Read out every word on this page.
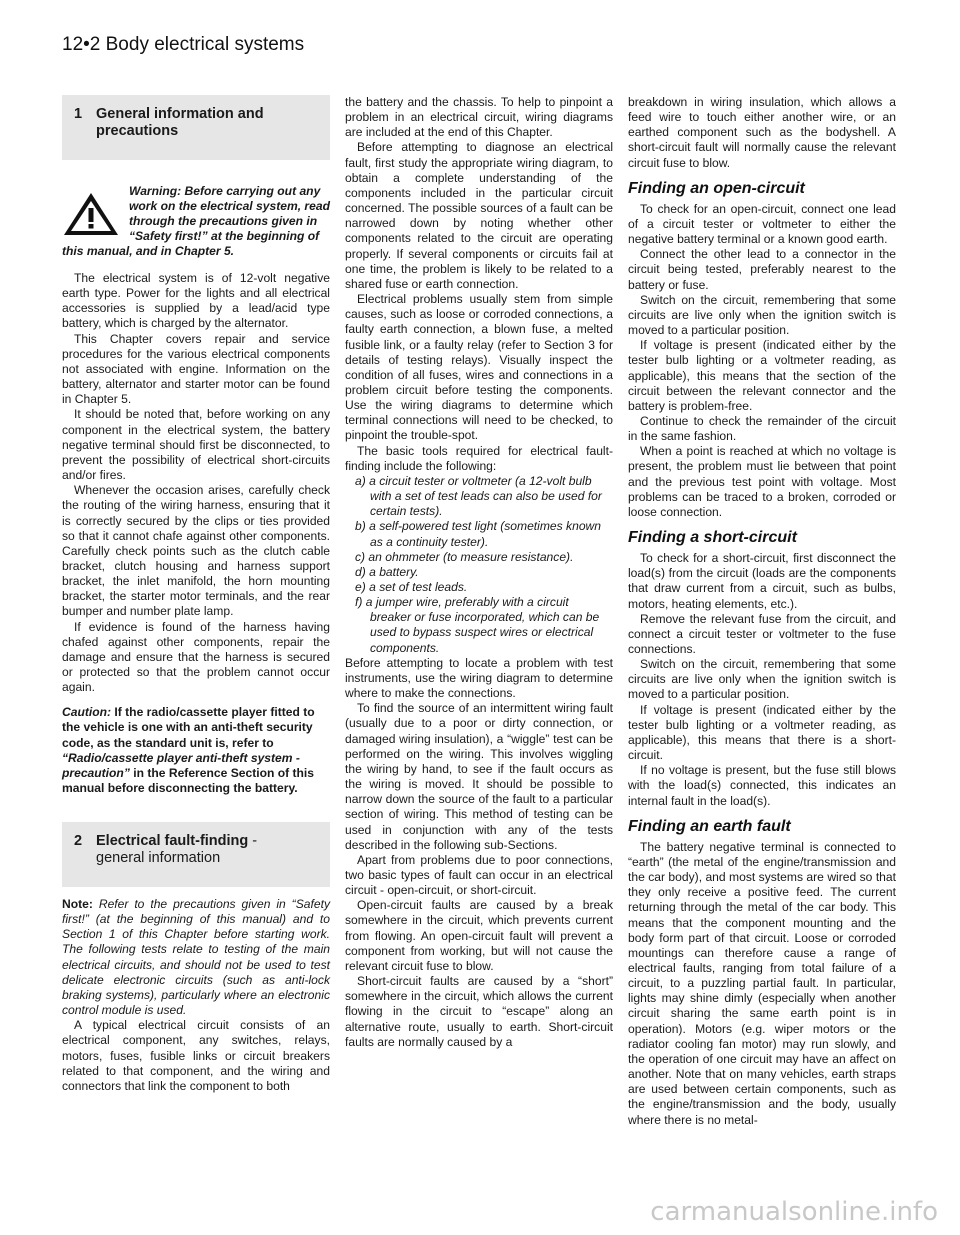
12•2 Body electrical systems
1 General information and precautions
Warning: Before carrying out any work on the electrical system, read through the precautions given in “Safety first!” at the beginning of this manual, and in Chapter 5.

The electrical system is of 12-volt negative earth type. Power for the lights and all electrical accessories is supplied by a lead/acid type battery, which is charged by the alternator.

This Chapter covers repair and service procedures for the various electrical components not associated with engine. Information on the battery, alternator and starter motor can be found in Chapter 5.

It should be noted that, before working on any component in the electrical system, the battery negative terminal should first be disconnected, to prevent the possibility of electrical short-circuits and/or fires.

Whenever the occasion arises, carefully check the routing of the wiring harness, ensuring that it is correctly secured by the clips or ties provided so that it cannot chafe against other components. Carefully check points such as the clutch cable bracket, clutch housing and harness support bracket, the inlet manifold, the horn mounting bracket, the starter motor terminals, and the rear bumper and number plate lamp.

If evidence is found of the harness having chafed against other components, repair the damage and ensure that the harness is secured or protected so that the problem cannot occur again.

Caution: If the radio/cassette player fitted to the vehicle is one with an anti-theft security code, as the standard unit is, refer to “Radio/cassette player anti-theft system - precaution” in the Reference Section of this manual before disconnecting the battery.
2 Electrical fault-finding -
general information

Note: Refer to the precautions given in “Safety first!” (at the beginning of this manual) and to Section 1 of this Chapter before starting work. The following tests relate to testing of the main electrical circuits, and should not be used to test delicate electronic circuits (such as anti-lock braking systems), particularly where an electronic control module is used.

A typical electrical circuit consists of an electrical component, any switches, relays, motors, fuses, fusible links or circuit breakers related to that component, and the wiring and connectors that link the component to both

the battery and the chassis. To help to pinpoint a problem in an electrical circuit, wiring diagrams are included at the end of this Chapter.

Before attempting to diagnose an electrical fault, first study the appropriate wiring diagram, to obtain a complete understanding of the components included in the particular circuit concerned. The possible sources of a fault can be narrowed down by noting whether other components related to the circuit are operating properly. If several components or circuits fail at one time, the problem is likely to be related to a shared fuse or earth connection.

Electrical problems usually stem from simple causes, such as loose or corroded connections, a faulty earth connection, a blown fuse, a melted fusible link, or a faulty relay (refer to Section 3 for details of testing relays). Visually inspect the condition of all fuses, wires and connections in a problem circuit before testing the components. Use the wiring diagrams to determine which terminal connections will need to be checked, to pinpoint the trouble-spot.

The basic tools required for electrical fault-finding include the following:

a) a circuit tester or voltmeter (a 12-volt bulb with a set of test leads can also be used for certain tests).
b) a self-powered test light (sometimes known as a continuity tester).
c) an ohmmeter (to measure resistance).
d) a battery.
e) a set of test leads.
f) a jumper wire, preferably with a circuit breaker or fuse incorporated, which can be used to bypass suspect wires or electrical components.

Before attempting to locate a problem with test instruments, use the wiring diagram to determine where to make the connections.

To find the source of an intermittent wiring fault (usually due to a poor or dirty connection, or damaged wiring insulation), a “wiggle” test can be performed on the wiring. This involves wiggling the wiring by hand, to see if the fault occurs as the wiring is moved. It should be possible to narrow down the source of the fault to a particular section of wiring. This method of testing can be used in conjunction with any of the tests described in the following sub-Sections.

Apart from problems due to poor connections, two basic types of fault can occur in an electrical circuit - open-circuit, or short-circuit.

Open-circuit faults are caused by a break somewhere in the circuit, which prevents current from flowing. An open-circuit fault will prevent a component from working, but will not cause the relevant circuit fuse to blow.

Short-circuit faults are caused by a “short” somewhere in the circuit, which allows the current flowing in the circuit to “escape” along an alternative route, usually to earth. Short-circuit faults are normally caused by a

breakdown in wiring insulation, which allows a feed wire to touch either another wire, or an earthed component such as the bodyshell. A short-circuit fault will normally cause the relevant circuit fuse to blow.

Finding an open-circuit

To check for an open-circuit, connect one lead of a circuit tester or voltmeter to either the negative battery terminal or a known good earth.

Connect the other lead to a connector in the circuit being tested, preferably nearest to the battery or fuse.

Switch on the circuit, remembering that some circuits are live only when the ignition switch is moved to a particular position.

If voltage is present (indicated either by the tester bulb lighting or a voltmeter reading, as applicable), this means that the section of the circuit between the relevant connector and the battery is problem-free.

Continue to check the remainder of the circuit in the same fashion.

When a point is reached at which no voltage is present, the problem must lie between that point and the previous test point with voltage. Most problems can be traced to a broken, corroded or loose connection.

Finding a short-circuit

To check for a short-circuit, first disconnect the load(s) from the circuit (loads are the components that draw current from a circuit, such as bulbs, motors, heating elements, etc.).

Remove the relevant fuse from the circuit, and connect a circuit tester or voltmeter to the fuse connections.

Switch on the circuit, remembering that some circuits are live only when the ignition switch is moved to a particular position.

If voltage is present (indicated either by the tester bulb lighting or a voltmeter reading, as applicable), this means that there is a short-circuit.

If no voltage is present, but the fuse still blows with the load(s) connected, this indicates an internal fault in the load(s).

Finding an earth fault

The battery negative terminal is connected to “earth” (the metal of the engine/transmission and the car body), and most systems are wired so that they only receive a positive feed. The current returning through the metal of the car body. This means that the component mounting and the body form part of that circuit. Loose or corroded mountings can therefore cause a range of electrical faults, ranging from total failure of a circuit, to a puzzling partial fault. In particular, lights may shine dimly (especially when another circuit sharing the same earth point is in operation). Motors (e.g. wiper motors or the radiator cooling fan motor) may run slowly, and the operation of one circuit may have an affect on another. Note that on many vehicles, earth straps are used between certain components, such as the engine/transmission and the body, usually where there is no metal-

carmanualsonline.info
